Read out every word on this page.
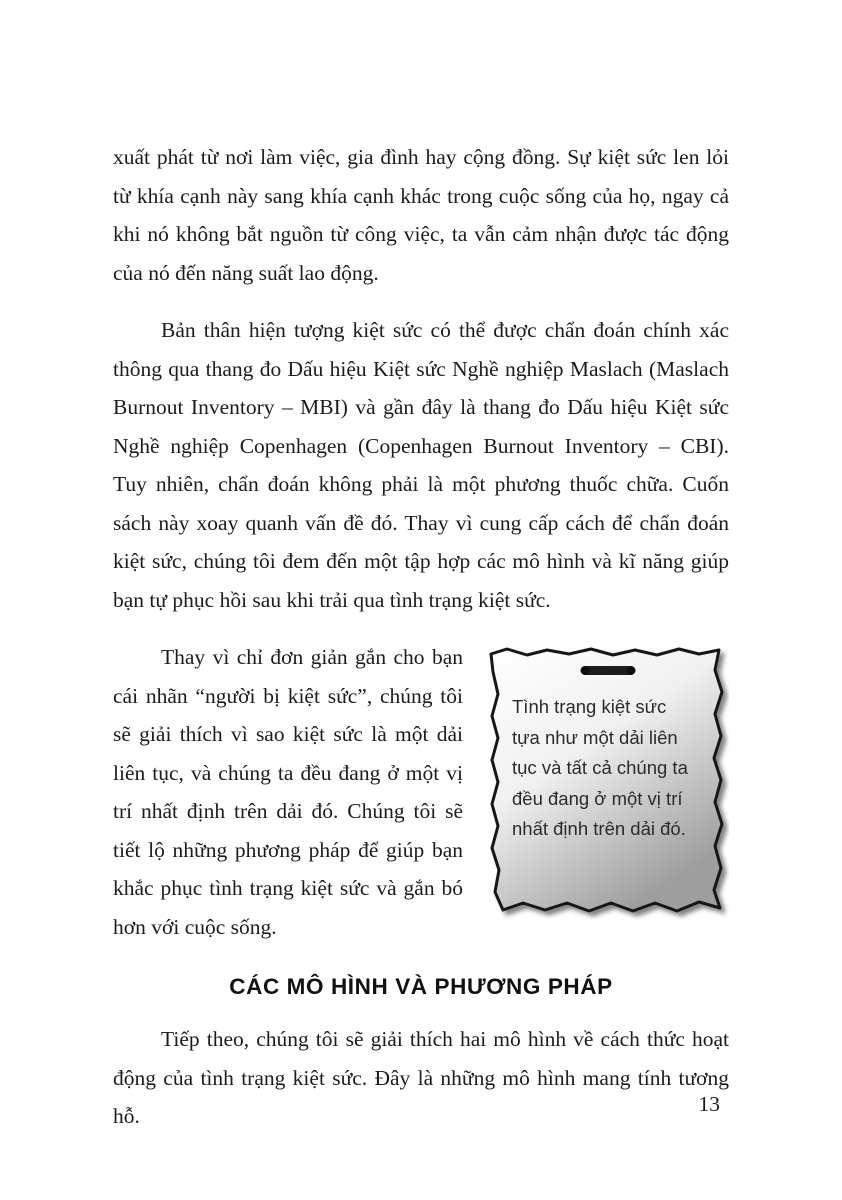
xuất phát từ nơi làm việc, gia đình hay cộng đồng. Sự kiệt sức len lỏi từ khía cạnh này sang khía cạnh khác trong cuộc sống của họ, ngay cả khi nó không bắt nguồn từ công việc, ta vẫn cảm nhận được tác động của nó đến năng suất lao động.

Bản thân hiện tượng kiệt sức có thể được chẩn đoán chính xác thông qua thang đo Dấu hiệu Kiệt sức Nghề nghiệp Maslach (Maslach Burnout Inventory – MBI) và gần đây là thang đo Dấu hiệu Kiệt sức Nghề nghiệp Copenhagen (Copenhagen Burnout Inventory – CBI). Tuy nhiên, chẩn đoán không phải là một phương thuốc chữa. Cuốn sách này xoay quanh vấn đề đó. Thay vì cung cấp cách để chẩn đoán kiệt sức, chúng tôi đem đến một tập hợp các mô hình và kĩ năng giúp bạn tự phục hồi sau khi trải qua tình trạng kiệt sức.

Tình trạng kiệt sức tựa như một dải liên tục và tất cả chúng ta đều đang ở một vị trí nhất định trên dải đó.

Thay vì chỉ đơn giản gắn cho bạn cái nhãn “người bị kiệt sức”, chúng tôi sẽ giải thích vì sao kiệt sức là một dải liên tục, và chúng ta đều đang ở một vị trí nhất định trên dải đó. Chúng tôi sẽ tiết lộ những phương pháp để giúp bạn khắc phục tình trạng kiệt sức và gắn bó hơn với cuộc sống.

CÁC MÔ HÌNH VÀ PHƯƠNG PHÁP

Tiếp theo, chúng tôi sẽ giải thích hai mô hình về cách thức hoạt động của tình trạng kiệt sức. Đây là những mô hình mang tính tương hỗ.	13
